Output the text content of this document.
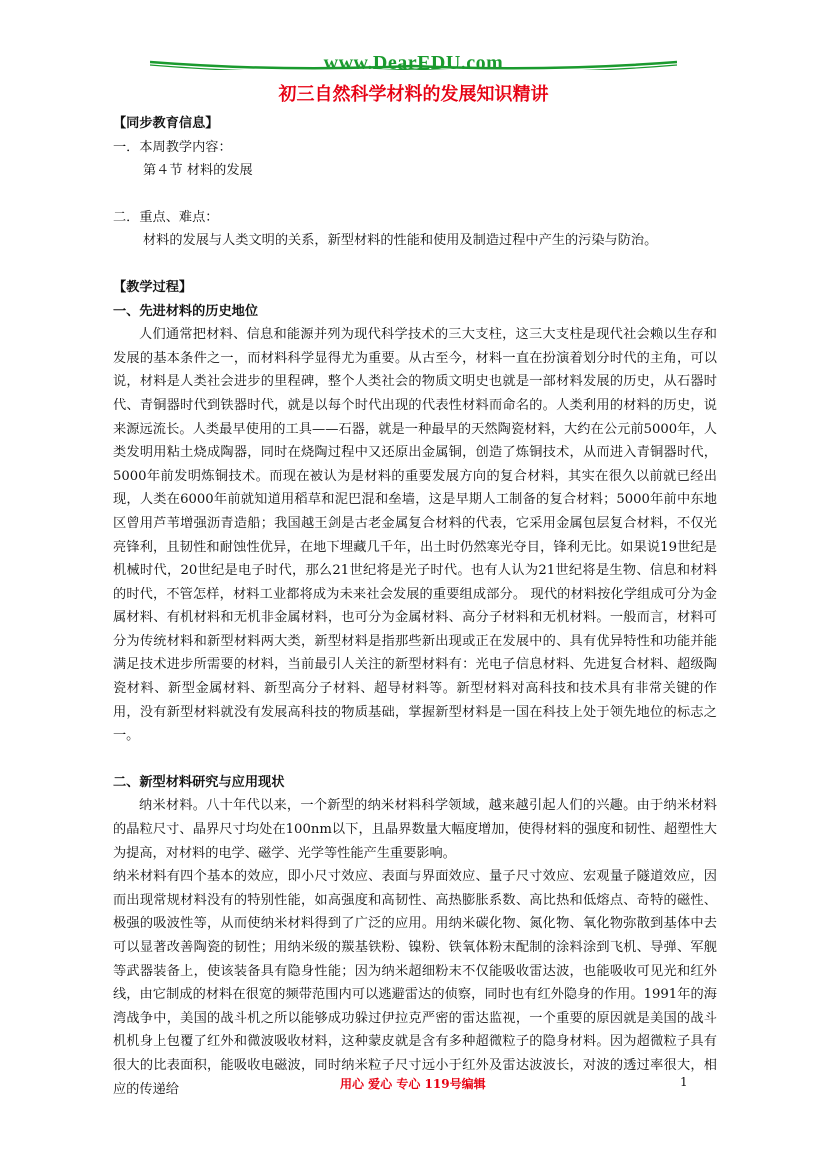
www.DearEDU.com
初三自然科学材料的发展知识精讲

【同步教育信息】

一．本周教学内容：

第４节 材料的发展

二．重点、难点：

材料的发展与人类文明的关系，新型材料的性能和使用及制造过程中产生的污染与防治。

【教学过程】

一、先进材料的历史地位

人们通常把材料、信息和能源并列为现代科学技术的三大支柱，这三大支柱是现代社会赖以生存和发展的基本条件之一，而材料科学显得尤为重要。从古至今，材料一直在扮演着划分时代的主角，可以说，材料是人类社会进步的里程碑，整个人类社会的物质文明史也就是一部材料发展的历史，从石器时代、青铜器时代到铁器时代，就是以每个时代出现的代表性材料而命名的。人类利用的材料的历史，说来源远流长。人类最早使用的工具——石器，就是一种最早的天然陶瓷材料，大约在公元前5000年，人类发明用粘土烧成陶器，同时在烧陶过程中又还原出金属铜，创造了炼铜技术，从而进入青铜器时代，5000年前发明炼铜技术。而现在被认为是材料的重要发展方向的复合材料，其实在很久以前就已经出现，人类在6000年前就知道用稻草和泥巴混和垒墙，这是早期人工制备的复合材料；5000年前中东地区曾用芦苇增强沥青造船；我国越王剑是古老金属复合材料的代表，它采用金属包层复合材料，不仅光亮锋利，且韧性和耐蚀性优异，在地下埋藏几千年，出土时仍然寒光夺目，锋利无比。如果说19世纪是机械时代，20世纪是电子时代，那么21世纪将是光子时代。也有人认为21世纪将是生物、信息和材料的时代，不管怎样，材料工业都将成为未来社会发展的重要组成部分。 现代的材料按化学组成可分为金属材料、有机材料和无机非金属材料，也可分为金属材料、高分子材料和无机材料。一般而言，材料可分为传统材料和新型材料两大类，新型材料是指那些新出现或正在发展中的、具有优异特性和功能并能满足技术进步所需要的材料，当前最引人关注的新型材料有：光电子信息材料、先进复合材料、超级陶瓷材料、新型金属材料、新型高分子材料、超导材料等。新型材料对高科技和技术具有非常关键的作用，没有新型材料就没有发展高科技的物质基础，掌握新型材料是一国在科技上处于领先地位的标志之一。

二、新型材料研究与应用现状

纳米材料。八十年代以来，一个新型的纳米材料科学领域，越来越引起人们的兴趣。由于纳米材料的晶粒尺寸、晶界尺寸均处在100nm以下，且晶界数量大幅度增加，使得材料的强度和韧性、超塑性大为提高，对材料的电学、磁学、光学等性能产生重要影响。

纳米材料有四个基本的效应，即小尺寸效应、表面与界面效应、量子尺寸效应、宏观量子隧道效应，因而出现常规材料没有的特别性能，如高强度和高韧性、高热膨胀系数、高比热和低熔点、奇特的磁性、极强的吸波性等，从而使纳米材料得到了广泛的应用。用纳米碳化物、氮化物、氧化物弥散到基体中去可以显著改善陶瓷的韧性；用纳米级的羰基铁粉、镍粉、铁氧体粉末配制的涂料涂到飞机、导弹、军舰等武器装备上，使该装备具有隐身性能；因为纳米超细粉末不仅能吸收雷达波，也能吸收可见光和红外线，由它制成的材料在很宽的频带范围内可以逃避雷达的侦察，同时也有红外隐身的作用。1991年的海湾战争中，美国的战斗机之所以能够成功躲过伊拉克严密的雷达监视，一个重要的原因就是美国的战斗机机身上包覆了红外和微波吸收材料，这种蒙皮就是含有多种超微粒子的隐身材料。因为超微粒子具有很大的比表面积，能吸收电磁波，同时纳米粒子尺寸远小于红外及雷达波波长，对波的透过率很大，相应的传递给	用心 爱心 专心 119号编辑	1
